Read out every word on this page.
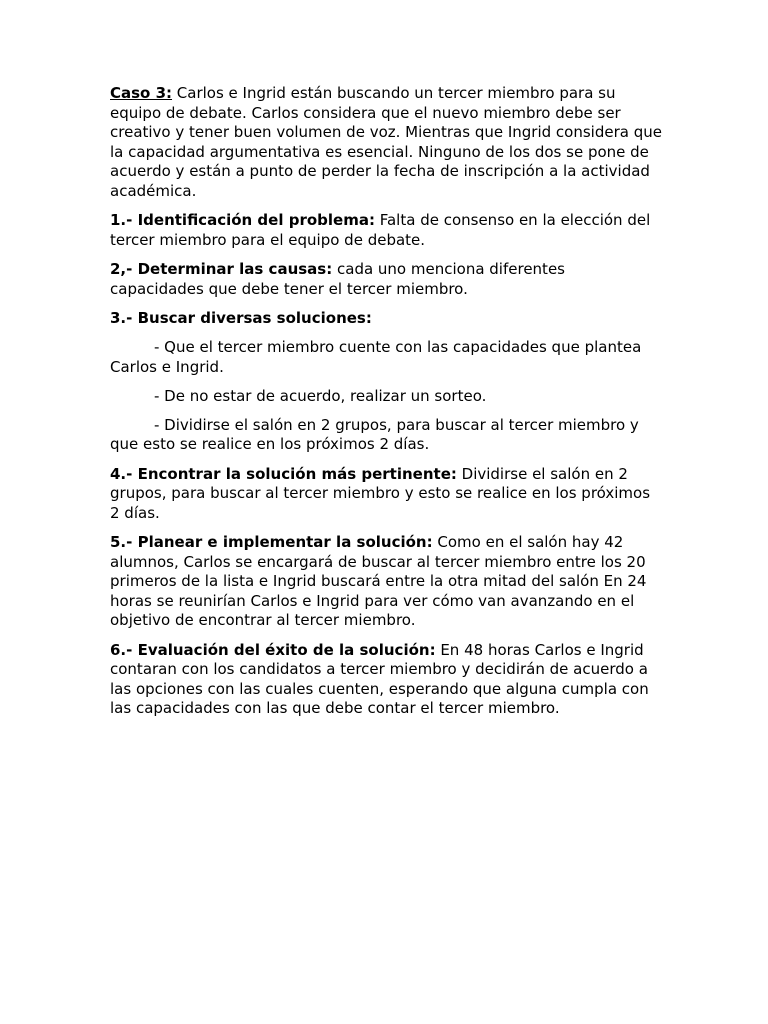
Caso 3: Carlos e Ingrid están buscando un tercer miembro para su equipo de debate. Carlos considera que el nuevo miembro debe ser creativo y tener buen volumen de voz. Mientras que Ingrid considera que la capacidad argumentativa es esencial. Ninguno de los dos se pone de acuerdo y están a punto de perder la fecha de inscripción a la actividad académica.

1.- Identificación del problema: Falta de consenso en la elección del tercer miembro para el equipo de debate.

2,- Determinar las causas: cada uno menciona diferentes capacidades que debe tener el tercer miembro.

3.- Buscar diversas soluciones:

- Que el tercer miembro cuente con las capacidades que plantea Carlos e Ingrid.

- De no estar de acuerdo, realizar un sorteo.

- Dividirse el salón en 2 grupos, para buscar al tercer miembro y que esto se realice en los próximos 2 días.

4.- Encontrar la solución más pertinente: Dividirse el salón en 2 grupos, para buscar al tercer miembro y esto se realice en los próximos 2 días.

5.- Planear e implementar la solución: Como en el salón hay 42 alumnos, Carlos se encargará de buscar al tercer miembro entre los 20 primeros de la lista e Ingrid buscará entre la otra mitad del salón En 24 horas se reunirían Carlos e Ingrid para ver cómo van avanzando en el objetivo de encontrar al tercer miembro.

6.- Evaluación del éxito de la solución: En 48 horas Carlos e Ingrid contaran con los candidatos a tercer miembro y decidirán de acuerdo a las opciones con las cuales cuenten, esperando que alguna cumpla con las capacidades con las que debe contar el tercer miembro.
